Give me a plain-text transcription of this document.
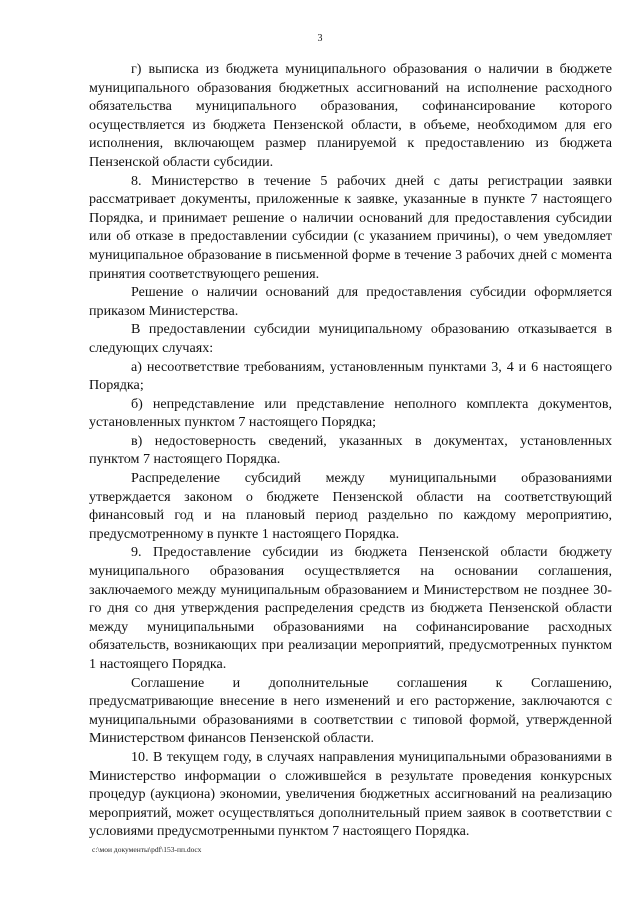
3

г) выписка из бюджета муниципального образования о наличии в бюджете муниципального образования бюджетных ассигнований на исполнение расходного обязательства муниципального образования, софинансирование которого осуществляется из бюджета Пензенской области, в объеме, необходимом для его исполнения, включающем размер планируемой к предоставлению из бюджета Пензенской области субсидии.

8. Министерство в течение 5 рабочих дней с даты регистрации заявки рассматривает документы, приложенные к заявке, указанные в пункте 7 настоящего Порядка, и принимает решение о наличии оснований для предоставления субсидии или об отказе в предоставлении субсидии (с указанием причины), о чем уведомляет муниципальное образование в письменной форме в течение 3 рабочих дней с момента принятия соответствующего решения.

Решение о наличии оснований для предоставления субсидии оформляется приказом Министерства.

В предоставлении субсидии муниципальному образованию отказывается в следующих случаях:

а) несоответствие требованиям, установленным пунктами 3, 4 и 6 настоящего Порядка;

б) непредставление или представление неполного комплекта документов, установленных пунктом 7 настоящего Порядка;

в) недостоверность сведений, указанных в документах, установленных пунктом 7 настоящего Порядка.

Распределение субсидий между муниципальными образованиями утверждается законом о бюджете Пензенской области на соответствующий финансовый год и на плановый период раздельно по каждому мероприятию, предусмотренному в пункте 1 настоящего Порядка.

9. Предоставление субсидии из бюджета Пензенской области бюджету муниципального образования осуществляется на основании соглашения, заключаемого между муниципальным образованием и Министерством не позднее 30-го дня со дня утверждения распределения средств из бюджета Пензенской области между муниципальными образованиями на софинансирование расходных обязательств, возникающих при реализации мероприятий, предусмотренных пунктом 1 настоящего Порядка.

Соглашение и дополнительные соглашения к Соглашению, предусматривающие внесение в него изменений и его расторжение, заключаются с муниципальными образованиями в соответствии с типовой формой, утвержденной Министерством финансов Пензенской области.

10. В текущем году, в случаях направления муниципальными образованиями в Министерство информации о сложившейся в результате проведения конкурсных процедур (аукциона) экономии, увеличения бюджетных ассигнований на реализацию мероприятий, может осуществляться дополнительный прием заявок в соответствии с условиями предусмотренными пунктом 7 настоящего Порядка.

c:\мои документы\pdf\153-пп.docx
